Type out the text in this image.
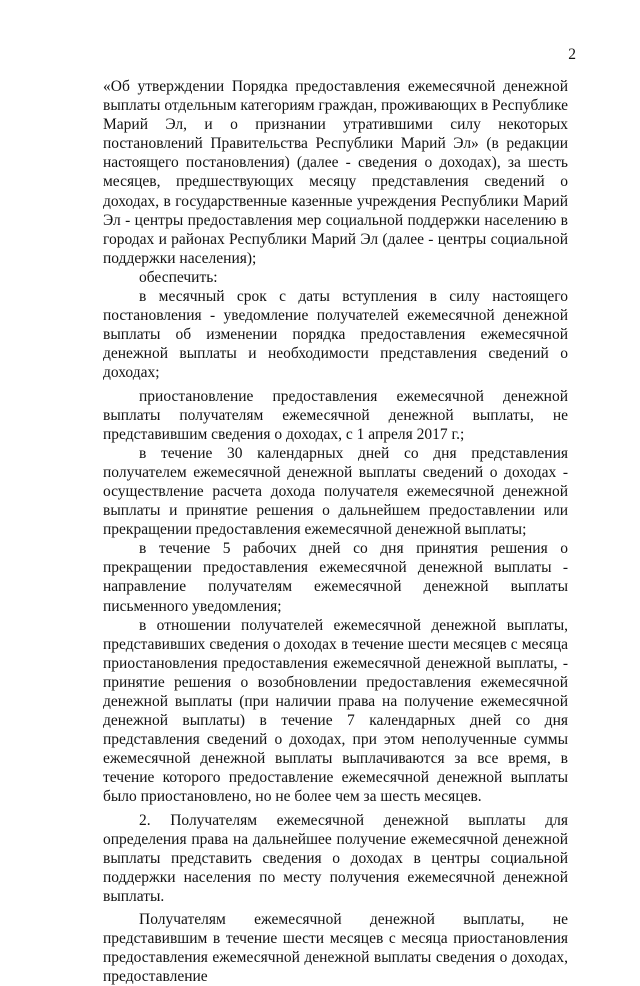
2

«Об утверждении Порядка предоставления ежемесячной денежной выплаты отдельным категориям граждан, проживающих в Республике Марий Эл, и о признании утратившими силу некоторых постановлений Правительства Республики Марий Эл» (в редакции настоящего постановления) (далее - сведения о доходах), за шесть месяцев, предшествующих месяцу представления сведений о доходах, в государственные казенные учреждения Республики Марий Эл - центры предоставления мер социальной поддержки населению в городах и районах Республики Марий Эл (далее - центры социальной поддержки населения);

обеспечить:

в месячный срок с даты вступления в силу настоящего постановления - уведомление получателей ежемесячной денежной выплаты об изменении порядка предоставления ежемесячной денежной выплаты и необходимости представления сведений о доходах;

приостановление предоставления ежемесячной денежной выплаты получателям ежемесячной денежной выплаты, не представившим сведения о доходах, с 1 апреля 2017 г.;

в течение 30 календарных дней со дня представления получателем ежемесячной денежной выплаты сведений о доходах - осуществление расчета дохода получателя ежемесячной денежной выплаты и принятие решения о дальнейшем предоставлении или прекращении предоставления ежемесячной денежной выплаты;

в течение 5 рабочих дней со дня принятия решения о прекращении предоставления ежемесячной денежной выплаты - направление получателям ежемесячной денежной выплаты письменного уведомления;

в отношении получателей ежемесячной денежной выплаты, представивших сведения о доходах в течение шести месяцев с месяца приостановления предоставления ежемесячной денежной выплаты, - принятие решения о возобновлении предоставления ежемесячной денежной выплаты (при наличии права на получение ежемесячной денежной выплаты) в течение 7 календарных дней со дня представления сведений о доходах, при этом неполученные суммы ежемесячной денежной выплаты выплачиваются за все время, в течение которого предоставление ежемесячной денежной выплаты было приостановлено, но не более чем за шесть месяцев.

2. Получателям ежемесячной денежной выплаты для определения права на дальнейшее получение ежемесячной денежной выплаты представить сведения о доходах в центры социальной поддержки населения по месту получения ежемесячной денежной выплаты.

Получателям ежемесячной денежной выплаты, не представившим в течение шести месяцев с месяца приостановления предоставления ежемесячной денежной выплаты сведения о доходах, предоставление
